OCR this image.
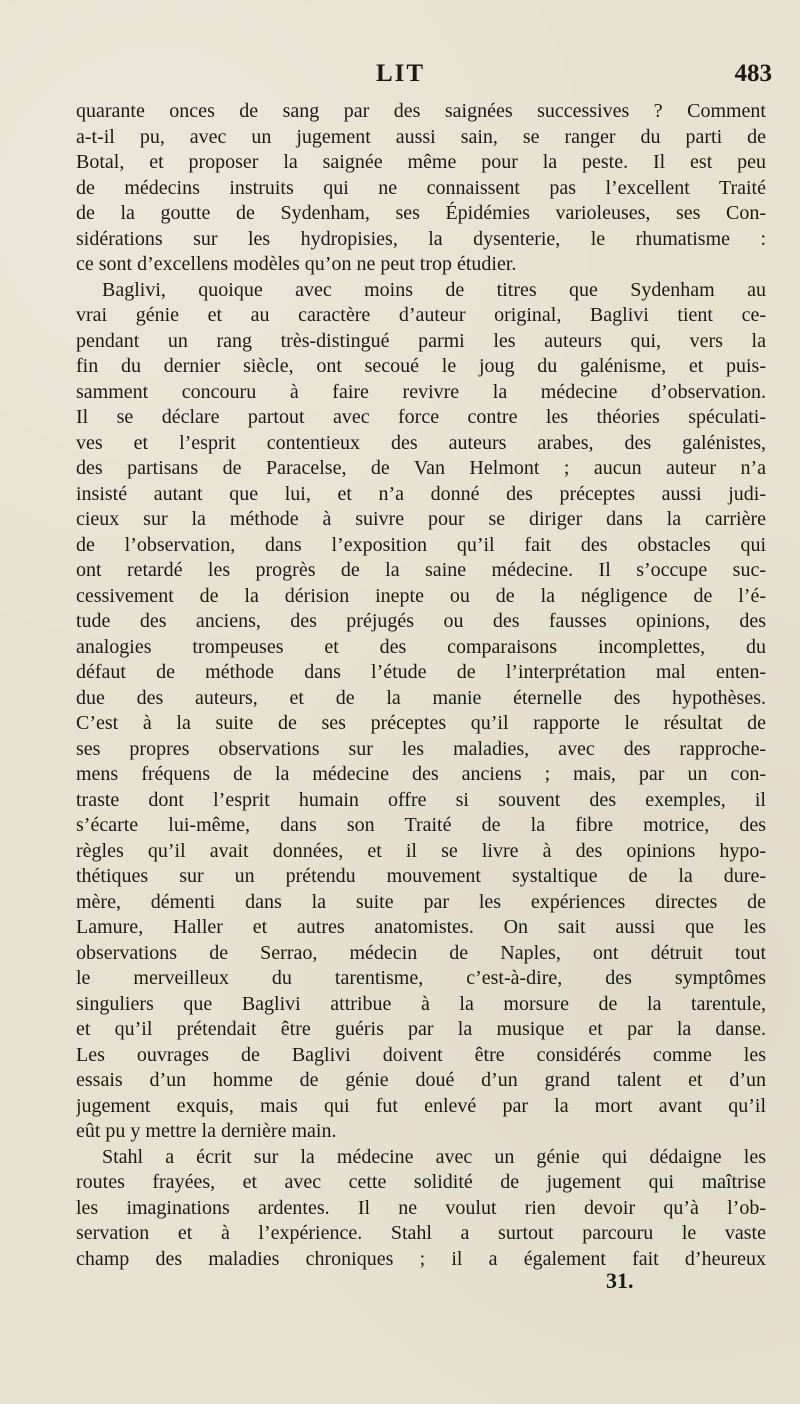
LIT	483
quarante onces de sang par des saignées successives ? Comment
a-t-il pu, avec un jugement aussi sain, se ranger du parti de
Botal, et proposer la saignée même pour la peste. Il est peu
de médecins instruits qui ne connaissent pas l’excellent Traité
de la goutte de Sydenham, ses Épidémies varioleuses, ses Con-
sidérations sur les hydropisies, la dysenterie, le rhumatisme :
ce sont d’excellens modèles qu’on ne peut trop étudier.
Baglivi, quoique avec moins de titres que Sydenham au
vrai génie et au caractère d’auteur original, Baglivi tient ce-
pendant un rang très-distingué parmi les auteurs qui, vers la
fin du dernier siècle, ont secoué le joug du galénisme, et puis-
samment concouru à faire revivre la médecine d’observation.
Il se déclare partout avec force contre les théories spéculati-
ves et l’esprit contentieux des auteurs arabes, des galénistes,
des partisans de Paracelse, de Van Helmont ; aucun auteur n’a
insisté autant que lui, et n’a donné des préceptes aussi judi-
cieux sur la méthode à suivre pour se diriger dans la carrière
de l’observation, dans l’exposition qu’il fait des obstacles qui
ont retardé les progrès de la saine médecine. Il s’occupe suc-
cessivement de la dérision inepte ou de la négligence de l’é-
tude des anciens, des préjugés ou des fausses opinions, des
analogies trompeuses et des comparaisons incomplettes, du
défaut de méthode dans l’étude de l’interprétation mal enten-
due des auteurs, et de la manie éternelle des hypothèses.
C’est à la suite de ses préceptes qu’il rapporte le résultat de
ses propres observations sur les maladies, avec des rapproche-
mens fréquens de la médecine des anciens ; mais, par un con-
traste dont l’esprit humain offre si souvent des exemples, il
s’écarte lui-même, dans son Traité de la fibre motrice, des
règles qu’il avait données, et il se livre à des opinions hypo-
thétiques sur un prétendu mouvement systaltique de la dure-
mère, démenti dans la suite par les expériences directes de
Lamure, Haller et autres anatomistes. On sait aussi que les
observations de Serrao, médecin de Naples, ont détruit tout
le merveilleux du tarentisme, c’est-à-dire, des symptômes
singuliers que Baglivi attribue à la morsure de la tarentule,
et qu’il prétendait être guéris par la musique et par la danse.
Les ouvrages de Baglivi doivent être considérés comme les
essais d’un homme de génie doué d’un grand talent et d’un
jugement exquis, mais qui fut enlevé par la mort avant qu’il
eût pu y mettre la dernière main.
Stahl a écrit sur la médecine avec un génie qui dédaigne les
routes frayées, et avec cette solidité de jugement qui maîtrise
les imaginations ardentes. Il ne voulut rien devoir qu’à l’ob-
servation et à l’expérience. Stahl a surtout parcouru le vaste
champ des maladies chroniques ; il a également fait d’heureux
31.
